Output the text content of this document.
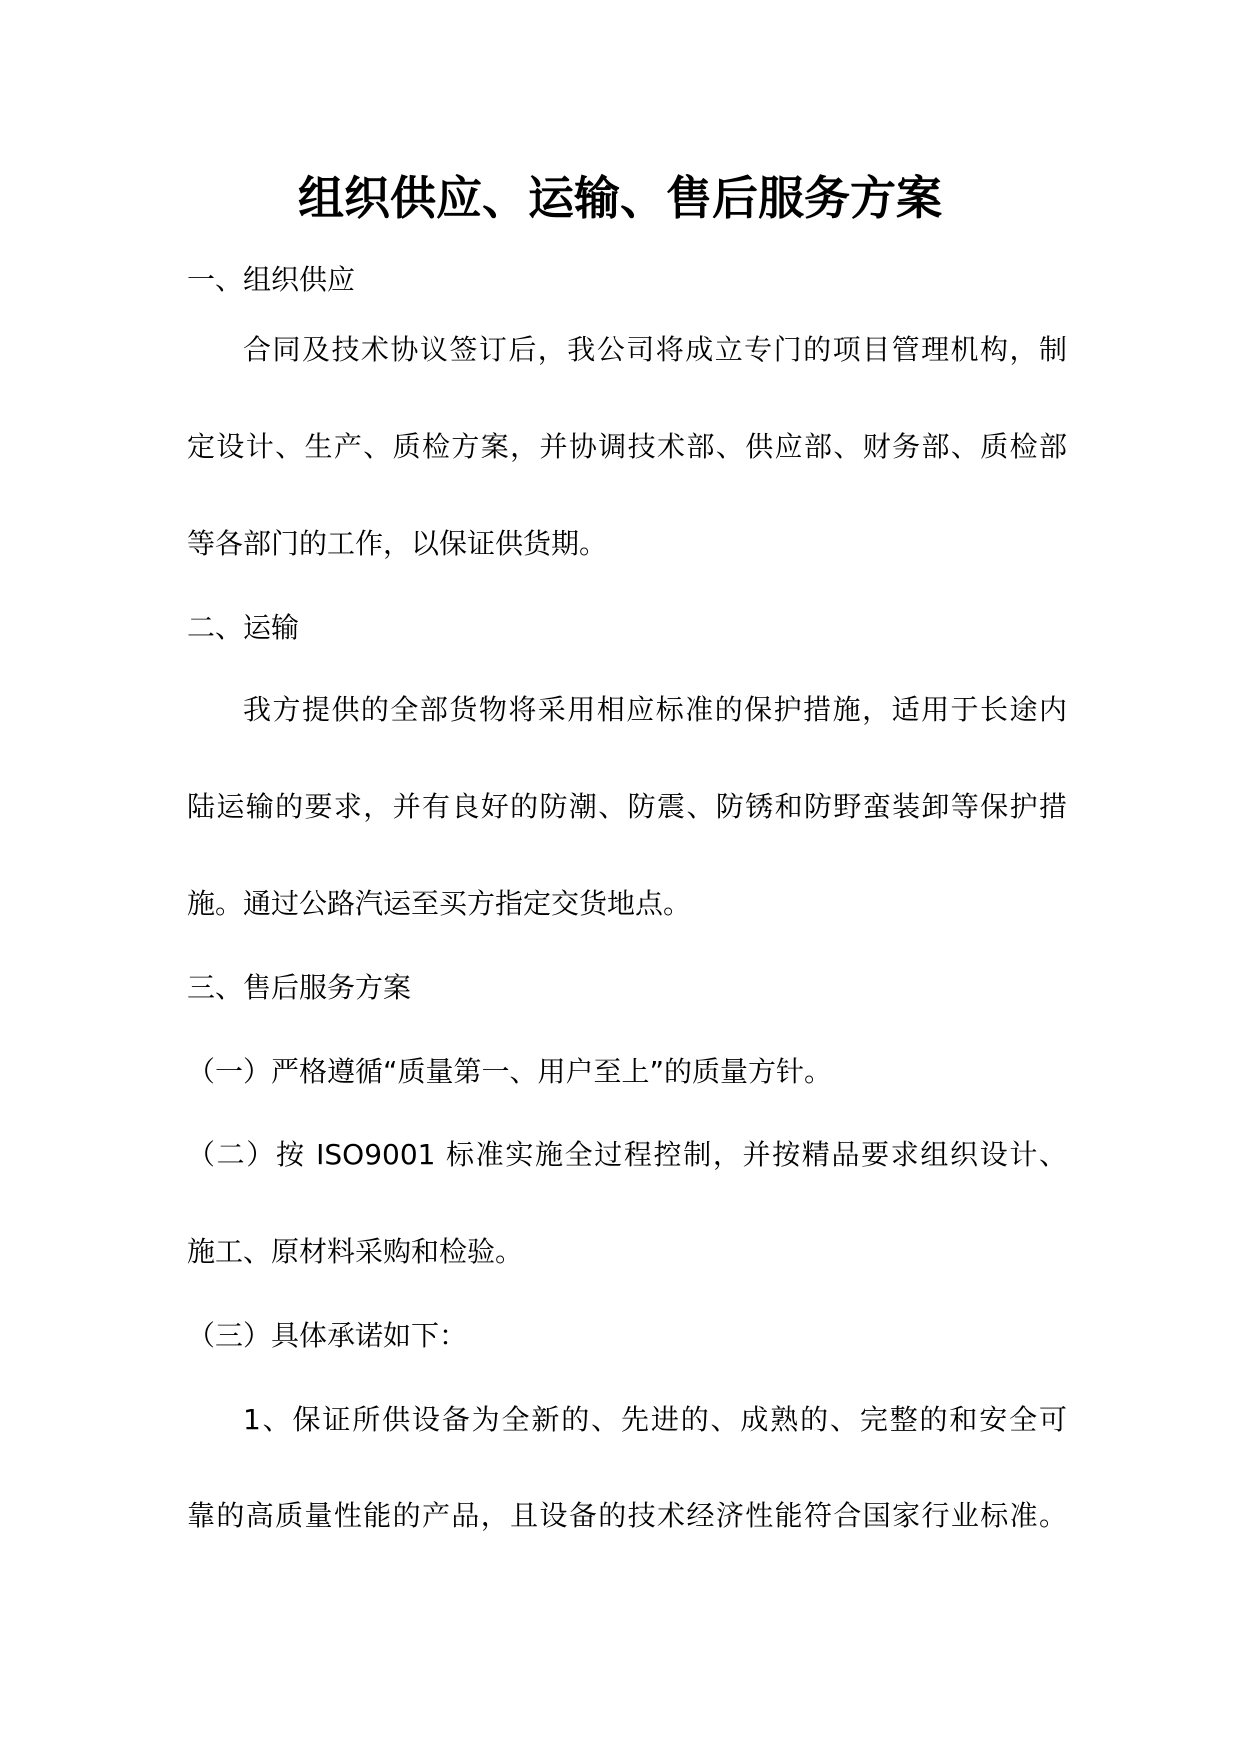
组织供应、运输、售后服务方案

一、组织供应

合同及技术协议签订后，我公司将成立专门的项目管理机构，制

定设计、生产、质检方案，并协调技术部、供应部、财务部、质检部

等各部门的工作，以保证供货期。

二、运输

我方提供的全部货物将采用相应标准的保护措施，适用于长途内

陆运输的要求，并有良好的防潮、防震、防锈和防野蛮装卸等保护措

施。通过公路汽运至买方指定交货地点。

三、售后服务方案

（一）严格遵循“质量第一、用户至上”的质量方针。

（二）按 ISO9001 标准实施全过程控制，并按精品要求组织设计、

施工、原材料采购和检验。

（三）具体承诺如下：

1、保证所供设备为全新的、先进的、成熟的、完整的和安全可

靠的高质量性能的产品，且设备的技术经济性能符合国家行业标准。
